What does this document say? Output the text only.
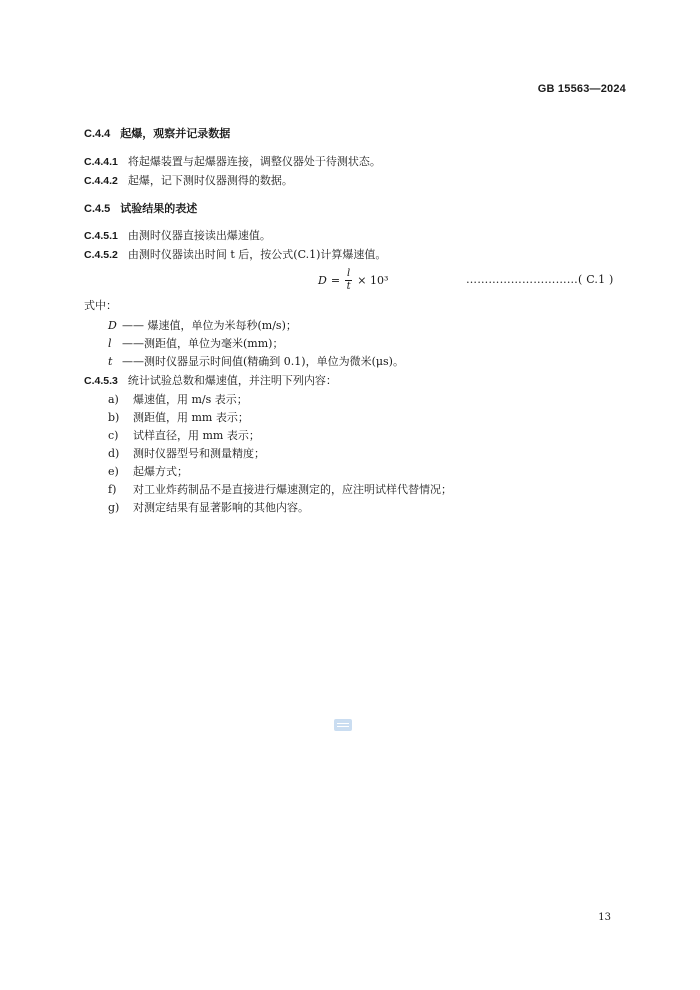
GB 15563—2024
C.4.4 起爆，观察并记录数据
C.4.4.1 将起爆装置与起爆器连接，调整仪器处于待测状态。
C.4.4.2 起爆，记下测时仪器测得的数据。
C.4.5 试验结果的表述
C.4.5.1 由测时仪器直接读出爆速值。
C.4.5.2 由测时仪器读出时间 t 后，按公式(C.1)计算爆速值。
$D = \frac{l}{t} \times 10^3$	…………………………( C.1 )
式中：
D —— 爆速值，单位为米每秒(m/s)；
l ——测距值，单位为毫米(mm)；
t ——测时仪器显示时间值(精确到 0.1)，单位为微米(μs)。
C.4.5.3 统计试验总数和爆速值，并注明下列内容：
a) 爆速值，用 m/s 表示；
b) 测距值，用 mm 表示；
c) 试样直径，用 mm 表示；
d) 测时仪器型号和测量精度；
e) 起爆方式；
f) 对工业炸药制品不是直接进行爆速测定的，应注明试样代替情况；
g) 对测定结果有显著影响的其他内容。
13
